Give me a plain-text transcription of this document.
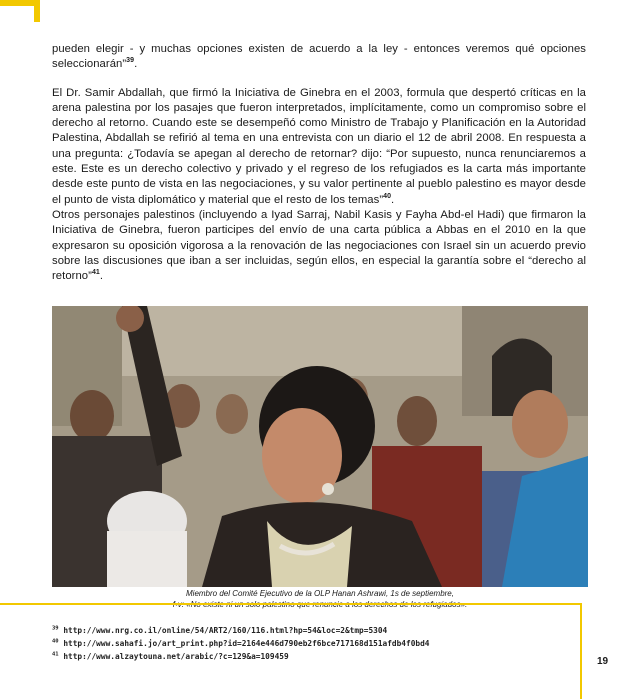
pueden elegir - y muchas opciones existen de acuerdo a la ley - entonces veremos qué opciones seleccionarán”$^{39}$.

El Dr. Samir Abdallah, que firmó la Iniciativa de Ginebra en el 2003, formula que despertó críticas en la arena palestina por los pasajes que fueron interpretados, implícitamente, como un compromiso sobre el derecho al retorno. Cuando este se desempeñó como Ministro de Trabajo y Planificación en la Autoridad Palestina, Abdallah se refirió al tema en una entrevista con un diario el 12 de abril 2008. En respuesta a una pregunta: ¿Todavía se apegan al derecho de retornar? dijo: “Por supuesto, nunca renunciaremos a este. Este es un derecho colectivo y privado y el regreso de los refugiados es la carta más importante desde este punto de vista en las negociaciones, y su valor pertinente al pueblo palestino es mayor desde el punto de vista diplomático y material que el resto de los temas”$^{40}$.
Otros personajes palestinos (incluyendo a Iyad Sarraj, Nabil Kasis y Fayha Abd-el Hadi) que firmaron la Iniciativa de Ginebra, fueron participes del envío de una carta pública a Abbas en el 2010 en la que expresaron su oposición vigorosa a la renovación de las negociaciones con Israel sin un acuerdo previo sobre las discusiones que iban a ser incluidas, según ellos, en especial la garantía sobre el “derecho al retorno”$^{41}$.

Miembro del Comité Ejecutivo de la OLP Hanan Ashrawi, 1s de septiembre,
$^{39}$ http://www.nrg.co.il/online/54/ART2/160/116.html?hp=54&loc=2&tmp=5304
$^{40}$ http://www.sahafi.jo/art_print.php?id=2164e446d790eb2f6bce717168d151afdb4f0bd4
$^{41}$ http://www.alzaytouna.net/arabic/?c=129&a=109459	19
